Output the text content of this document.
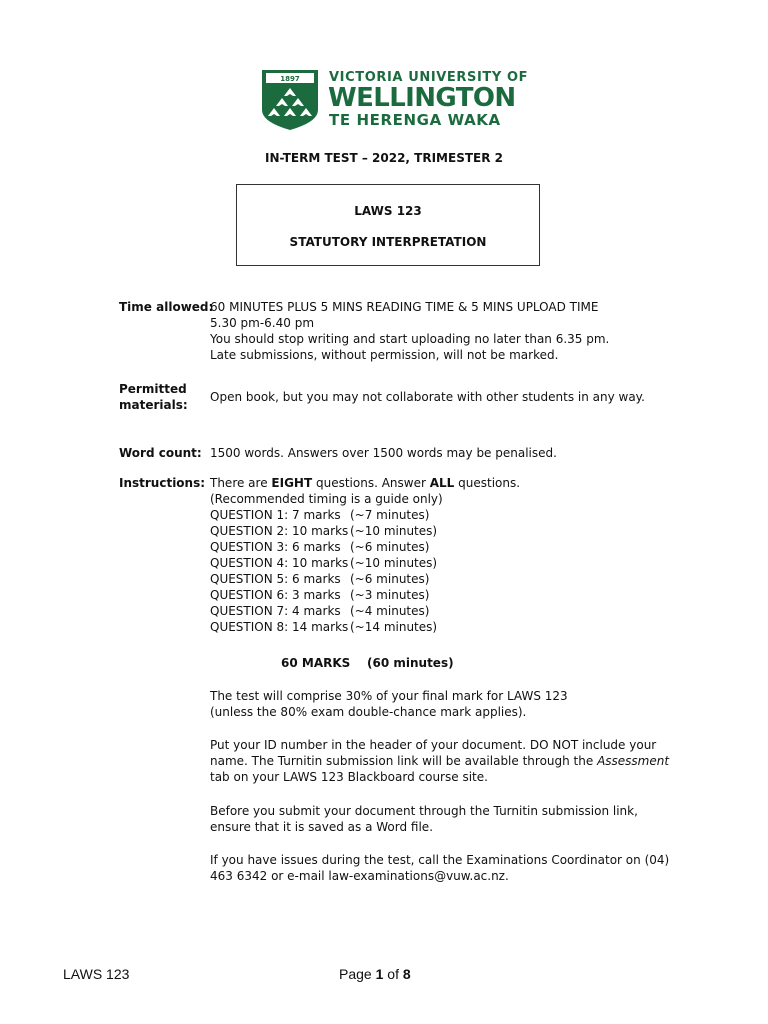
1897 VICTORIA UNIVERSITY OF
WELLINGTON
TE HERENGA WAKA
IN-TERM TEST – 2022, TRIMESTER 2
LAWS 123
STATUTORY INTERPRETATION
Time allowed:
60 MINUTES PLUS 5 MINS READING TIME & 5 MINS UPLOAD TIME
5.30 pm-6.40 pm
You should stop writing and start uploading no later than 6.35 pm.
Late submissions, without permission, will not be marked.
Permitted
materials:
Open book, but you may not collaborate with other students in any way.
Word count: 1500 words. Answers over 1500 words may be penalised.
Instructions: There are EIGHT questions. Answer ALL questions.
(Recommended timing is a guide only)
QUESTION 1: 7 marks (~7 minutes)
QUESTION 2: 10 marks (~10 minutes)
QUESTION 3: 6 marks (~6 minutes)
QUESTION 4: 10 marks (~10 minutes)
QUESTION 5: 6 marks (~6 minutes)
QUESTION 6: 3 marks (~3 minutes)
QUESTION 7: 4 marks (~4 minutes)
QUESTION 8: 14 marks (~14 minutes)
60 MARKS    (60 minutes)
The test will comprise 30% of your final mark for LAWS 123
(unless the 80% exam double-chance mark applies).
Put your ID number in the header of your document. DO NOT include your
name. The Turnitin submission link will be available through the Assessment
tab on your LAWS 123 Blackboard course site.
Before you submit your document through the Turnitin submission link,
ensure that it is saved as a Word file.
If you have issues during the test, call the Examinations Coordinator on (04)
463 6342 or e-mail law-examinations@vuw.ac.nz.
LAWS 123	Page 1 of 8
